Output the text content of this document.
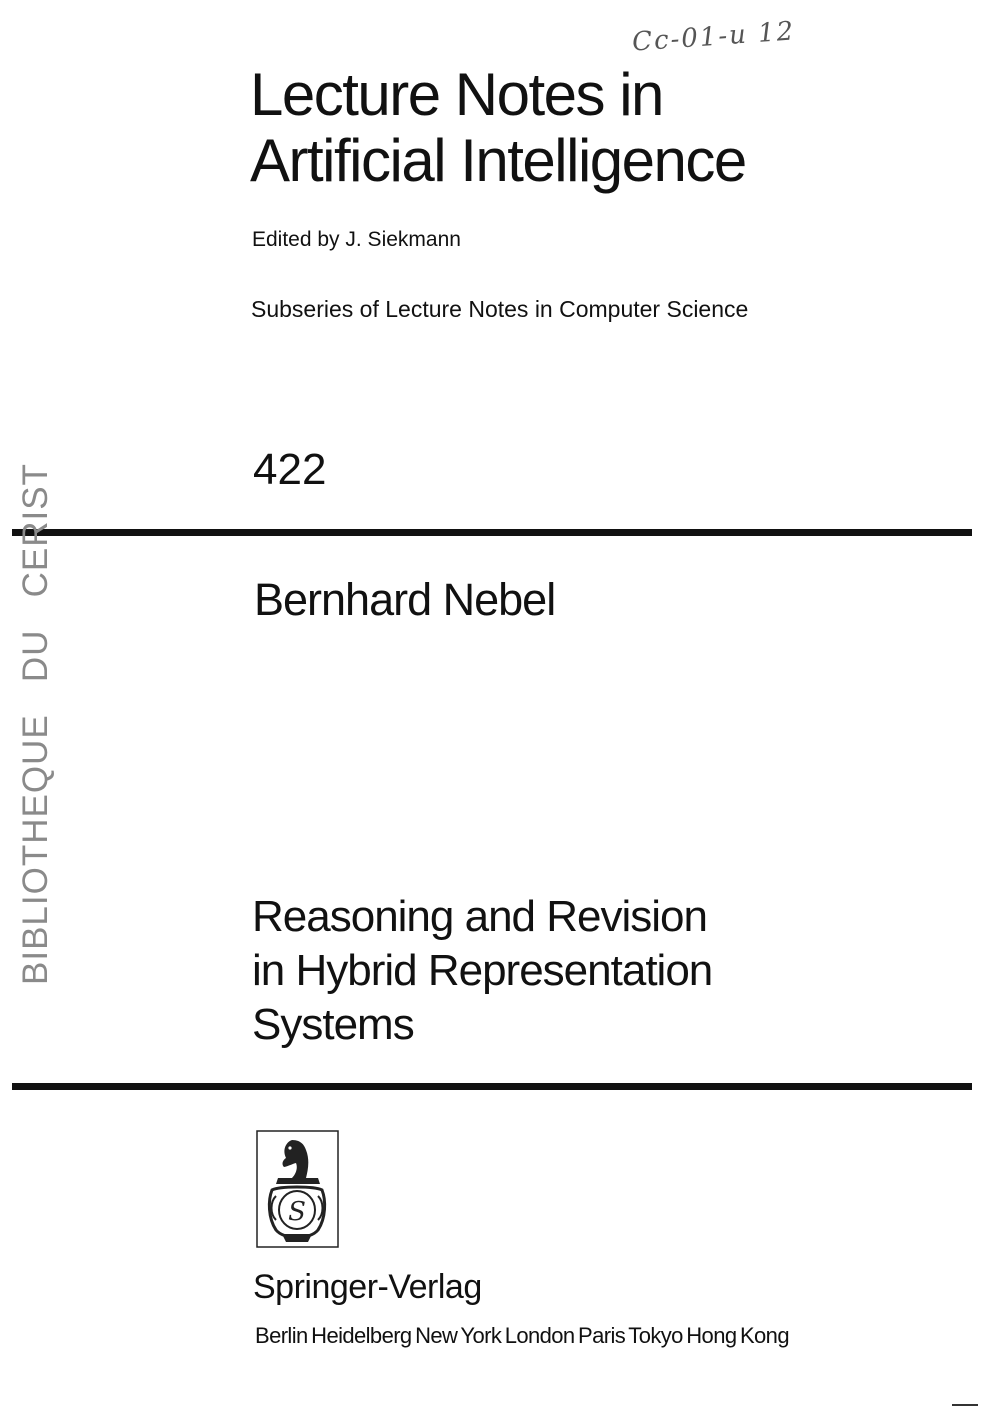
Cc-01-u 12
Lecture Notes in
Artificial Intelligence
Edited by J. Siekmann
Subseries of Lecture Notes in Computer Science
422
Bernhard Nebel
Reasoning and Revision
in Hybrid Representation
Systems
BIBLIOTHEQUE   DU   CERIST
S
Springer-Verlag
Berlin Heidelberg New York London Paris Tokyo Hong Kong
